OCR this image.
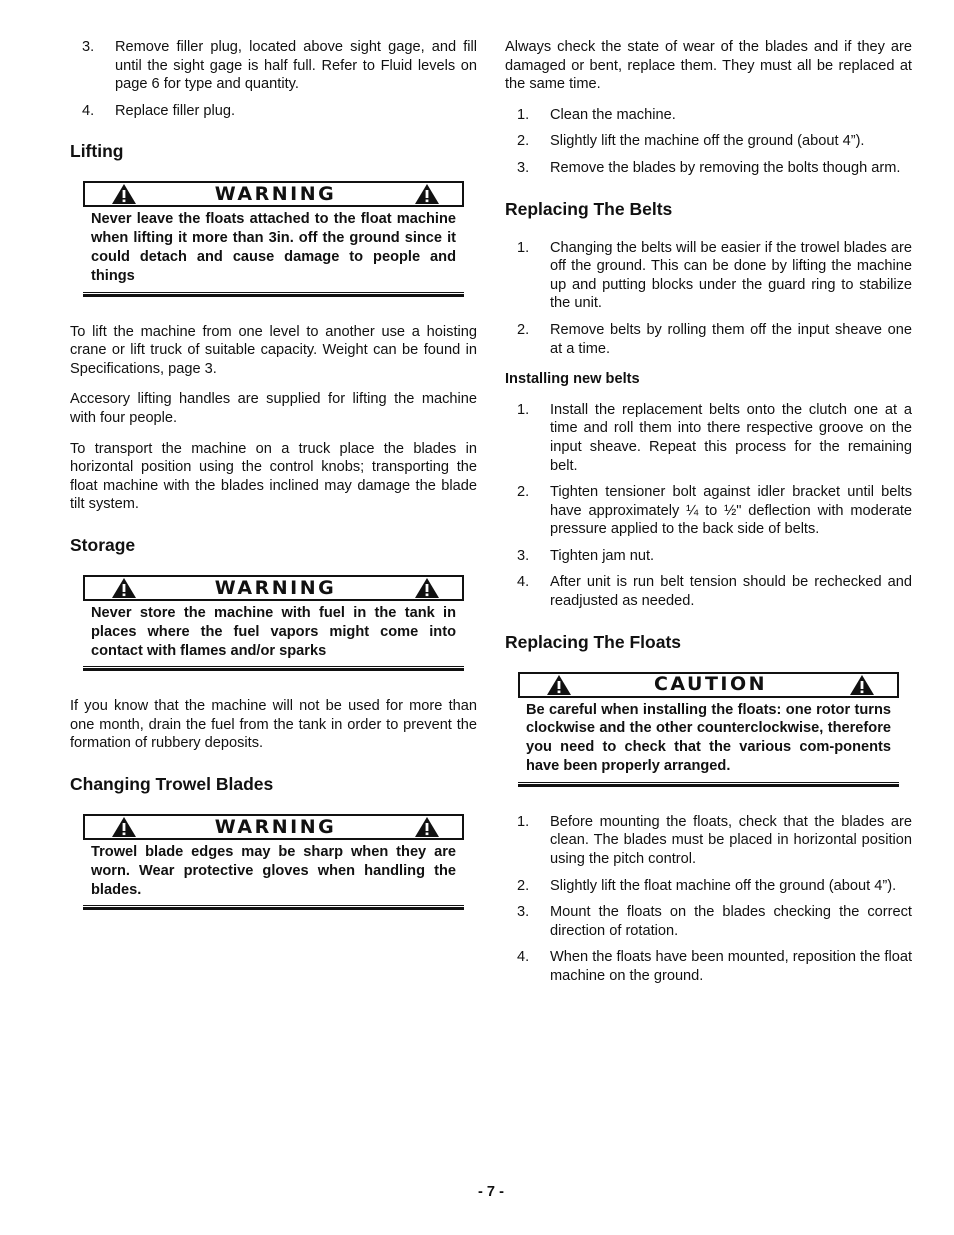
3. Remove filler plug, located above sight gage, and fill until the sight gage is half full. Refer to Fluid levels on page 6 for type and quantity.
4. Replace filler plug.
Lifting
WARNING
Never leave the floats attached to the float machine when lifting it more than 3in. off the ground since it could detach and cause damage to people and things

To lift the machine from one level to another use a hoisting crane or lift truck of suitable capacity. Weight can be found in Specifications, page 3.

Accesory lifting handles are supplied for lifting the machine with four people.

To transport the machine on a truck place the blades in horizontal position using the control knobs; transporting the float machine with the blades inclined may damage the blade tilt system.

Storage
WARNING
Never store the machine with fuel in the tank in places where the fuel vapors might come into contact with flames and/or sparks

If you know that the machine will not be used for more than one month, drain the fuel from the tank in order to prevent the formation of rubbery deposits.

Changing Trowel Blades
WARNING
Trowel blade edges may be sharp when they are worn. Wear protective gloves when handling the blades.

Always check the state of wear of the blades and if they are damaged or bent, replace them. They must all be replaced at the same time.

1. Clean the machine.
2. Slightly lift the machine off the ground (about 4”).
3. Remove the blades by removing the bolts though arm.
Replacing The Belts
1. Changing the belts will be easier if the trowel blades are off the ground. This can be done by lifting the machine up and putting blocks under the guard ring to stabilize the unit.
2. Remove belts by rolling them off the input sheave one at a time.
Installing new belts
1. Install the replacement belts onto the clutch one at a time and roll them into there respective groove on the input sheave. Repeat this process for the remaining belt.
2. Tighten tensioner bolt against idler bracket until belts have approximately ¼ to ½" deflection with moderate pressure applied to the back side of belts.
3. Tighten jam nut.
4. After unit is run belt tension should be rechecked and readjusted as needed.
Replacing The Floats
CAUTION
Be careful when installing the floats: one rotor turns clockwise and the other counterclockwise, therefore you need to check that the various com-ponents have been properly arranged.
1. Before mounting the floats, check that the blades are clean. The blades must be placed in horizontal position using the pitch control.
2. Slightly lift the float machine off the ground (about 4”).
3. Mount the floats on the blades checking the correct direction of rotation.
4. When the floats have been mounted, reposition the float machine on the ground.
- 7 -
